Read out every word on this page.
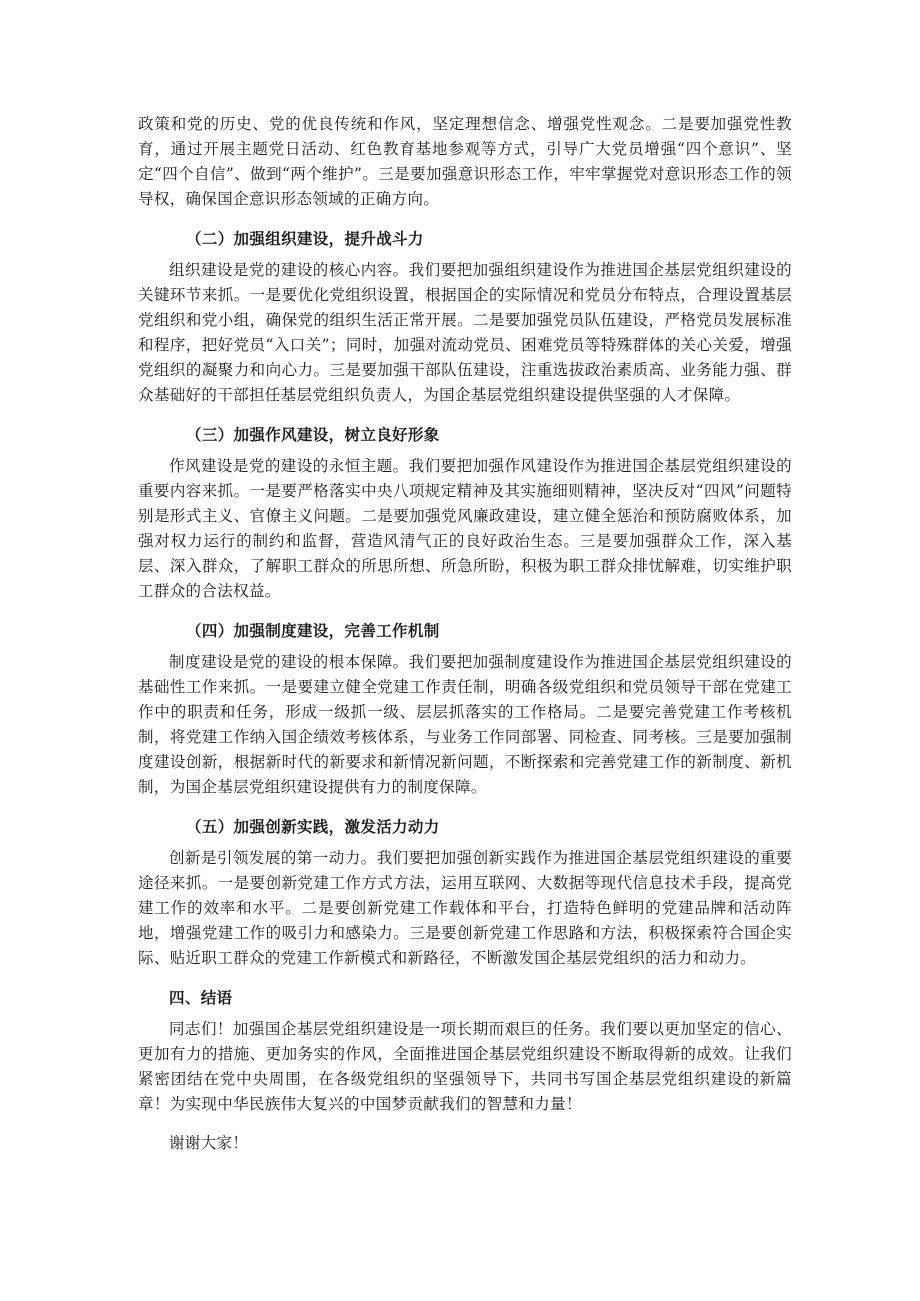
政策和党的历史、党的优良传统和作风，坚定理想信念、增强党性观念。二是要加强党性教育，通过开展主题党日活动、红色教育基地参观等方式，引导广大党员增强“四个意识”、坚定“四个自信”、做到“两个维护”。三是要加强意识形态工作，牢牢掌握党对意识形态工作的领导权，确保国企意识形态领域的正确方向。

（二）加强组织建设，提升战斗力

组织建设是党的建设的核心内容。我们要把加强组织建设作为推进国企基层党组织建设的关键环节来抓。一是要优化党组织设置，根据国企的实际情况和党员分布特点，合理设置基层党组织和党小组，确保党的组织生活正常开展。二是要加强党员队伍建设，严格党员发展标准和程序，把好党员“入口关”；同时，加强对流动党员、困难党员等特殊群体的关心关爱，增强党组织的凝聚力和向心力。三是要加强干部队伍建设，注重选拔政治素质高、业务能力强、群众基础好的干部担任基层党组织负责人，为国企基层党组织建设提供坚强的人才保障。

（三）加强作风建设，树立良好形象

作风建设是党的建设的永恒主题。我们要把加强作风建设作为推进国企基层党组织建设的重要内容来抓。一是要严格落实中央八项规定精神及其实施细则精神，坚决反对“四风”问题特别是形式主义、官僚主义问题。二是要加强党风廉政建设，建立健全惩治和预防腐败体系，加强对权力运行的制约和监督，营造风清气正的良好政治生态。三是要加强群众工作，深入基层、深入群众，了解职工群众的所思所想、所急所盼，积极为职工群众排忧解难，切实维护职工群众的合法权益。

（四）加强制度建设，完善工作机制

制度建设是党的建设的根本保障。我们要把加强制度建设作为推进国企基层党组织建设的基础性工作来抓。一是要建立健全党建工作责任制，明确各级党组织和党员领导干部在党建工作中的职责和任务，形成一级抓一级、层层抓落实的工作格局。二是要完善党建工作考核机制，将党建工作纳入国企绩效考核体系，与业务工作同部署、同检查、同考核。三是要加强制度建设创新，根据新时代的新要求和新情况新问题，不断探索和完善党建工作的新制度、新机制，为国企基层党组织建设提供有力的制度保障。

（五）加强创新实践，激发活力动力

创新是引领发展的第一动力。我们要把加强创新实践作为推进国企基层党组织建设的重要途径来抓。一是要创新党建工作方式方法，运用互联网、大数据等现代信息技术手段，提高党建工作的效率和水平。二是要创新党建工作载体和平台，打造特色鲜明的党建品牌和活动阵地，增强党建工作的吸引力和感染力。三是要创新党建工作思路和方法，积极探索符合国企实际、贴近职工群众的党建工作新模式和新路径，不断激发国企基层党组织的活力和动力。

四、结语

同志们！加强国企基层党组织建设是一项长期而艰巨的任务。我们要以更加坚定的信心、更加有力的措施、更加务实的作风，全面推进国企基层党组织建设不断取得新的成效。让我们紧密团结在党中央周围，在各级党组织的坚强领导下，共同书写国企基层党组织建设的新篇章！为实现中华民族伟大复兴的中国梦贡献我们的智慧和力量！

谢谢大家！
